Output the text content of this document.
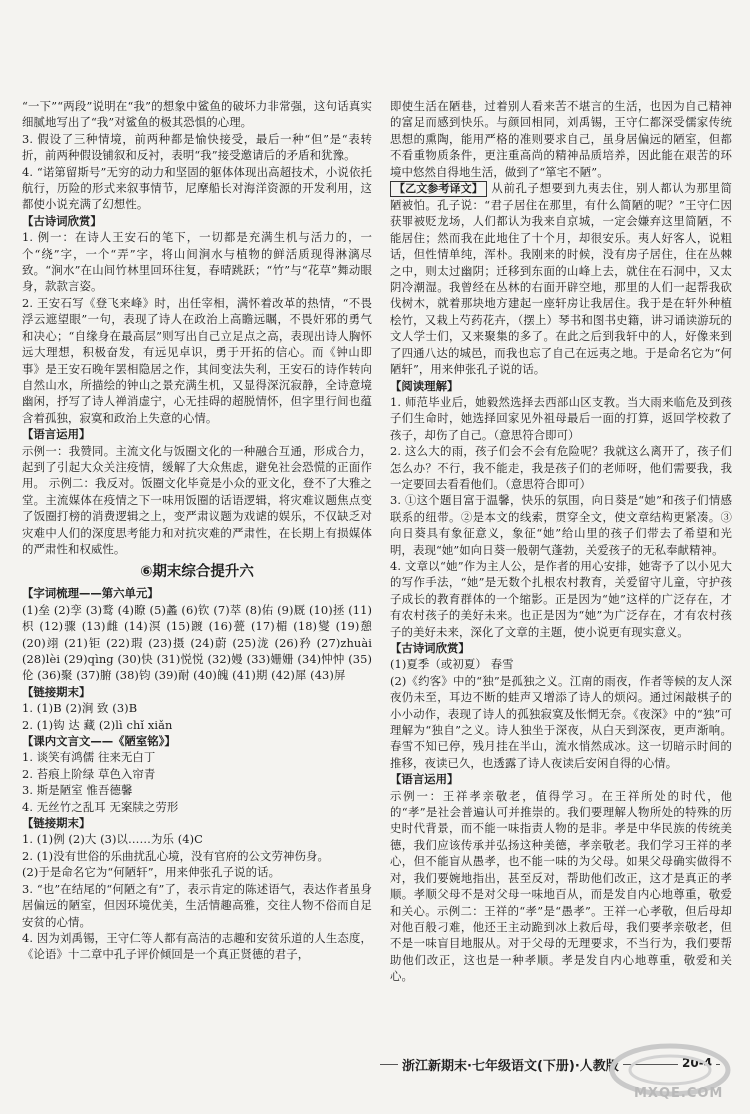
“一下”“两段”说明在“我”的想象中鲨鱼的破坏力非常强，这句话真实细腻地写出了“我”对鲨鱼的极其恐惧的心理。

3. 假设了三种情境，前两种都是愉快接受，最后一种“但”是“表转折，前两种假设铺叙和反衬，表明“我”接受邀请后的矛盾和犹豫。

4. “诺第留斯号”无穷的动力和坚固的躯体体现出高超技术，小说依托航行，历险的形式来叙事情节，尼摩船长对海洋资源的开发利用，这都使小说充满了幻想性。

【古诗词欣赏】

1. 例一：在诗人王安石的笔下，一切都是充满生机与活力的，一个“绕”字，一个“弄”字，将山间涧水与植物的鲜活质现得淋漓尽致。“涧水”在山间竹林里回环往复，春晴跳跃；“竹”与“花草”舞动眼身，款款言姿。

2. 王安石写《登飞来峰》时，出任宰相，满怀着改革的热情，“不畏浮云遮望眼”一句，表现了诗人在政治上高瞻远瞩，不畏奸邪的勇气和决心；“自缘身在最高层”则写出自己立足点之高，表现出诗人胸怀远大理想，积极奋发，有远见卓识，勇于开拓的信心。而《钟山即事》是王安石晚年罢相隐居之作，其间变法失利，王安石的诗作转向自然山水，所描绘的钟山之景充满生机，又显得深沉寂静，全诗意境幽闲，抒写了诗人禅消虚宁，心无挂碍的超脱情怀，但字里行间也蕴含着孤独，寂寞和政治上失意的心情。

【语言运用】

示例一：我赞同。主流文化与饭圈文化的一种融合互通，形成合力，起到了引起大众关注疫情，缓解了大众焦虑，避免社会恐慌的正面作用。 示例二：我反对。饭圈文化毕竟是小众的亚文化，登不了大雅之堂。主流媒体在疫情之下一味用饭圈的话语逻辑，将灾难议题焦点变了饭圈打榜的消费逻辑之上，变严肃议题为戏谑的娱乐，不仅缺乏对灾难中人们的深度思考能力和对抗灾难的严肃性，在长期上有损媒体的严肃性和权威性。

⑥期末综合提升六

【字词梳理——第六单元】

(1)垒 (2)孪 (3)鹜 (4)瞭 (5)蠡 (6)钦 (7)萃 (8)佑 (9)厩 (10)拯 (11)枳 (12)骤 (13)雌 (14)溟 (15)踱 (16)甍 (17)楣 (18)燮 (19)憩 (20)翊 (21)钜 (22)瑕 (23)摄 (24)蔚 (25)泷 (26)矜 (27)zhuài (28)lèi (29)qìng (30)快 (31)悦悦 (32)嫚 (33)姗姗 (34)忡忡 (35)伦 (36)聚 (37)腑 (38)钧 (39)耐 (40)魄 (41)期 (42)犀 (43)屏

【链接期末】

1. (1)B (2)涧 致 (3)B

2. (1)钩 达 藏 (2)lì chǐ xiǎn

【课内文言文——《陋室铭》】

1. 谈笑有鸿儒 往来无白丁

2. 苔痕上阶绿 草色入帘青

3. 斯是陋室 惟吾德馨

4. 无丝竹之乱耳 无案牍之劳形

【链接期末】

1. (1)例 (2)大 (3)以……为乐 (4)C

2. (1)没有世俗的乐曲扰乱心境，没有官府的公文劳神伤身。

(2)于是命名它为“何陋轩”，用来伸张孔子说的话。

3. “也”在结尾的“何陋之有”了，表示肯定的陈述语气，表达作者虽身居偏远的陋室，但因环境优美，生活情趣高雅，交往人物不俗而自足安贫的心情。

4. 因为刘禹锡，王守仁等人都有高洁的志趣和安贫乐道的人生态度，《论语》十二章中孔子评价倾回是一个真正贤德的君子，

即使生活在陋巷，过着别人看来苦不堪言的生活，也因为自己精神的富足而感到快乐。与颜回相同，刘禹锡，王守仁都深受儒家传统思想的熏陶，能用严格的准则要求自己，虽身居偏远的陋室，但都不看重物质条件，更注重高尚的精神品质培养，因此能在艰苦的环境中悠然自得地生活，做到了“箪宅不陋”。

【乙文参考译文】 从前孔子想要到九夷去住，别人都认为那里简陋被怕。孔子说：“君子居住在那里，有什么简陋的呢？”王守仁因获罪被贬龙场，人们都认为我来自京城，一定会嫌弃这里简陋，不能居住；然而我在此地住了十个月，却很安乐。夷人好客人，说粗话，但性情单纯，浑朴。我刚来的时候，没有房子居住，住在丛棘之中，则太过幽阴；迁移到东面的山峰上去，就住在石洞中，又太阴冷潮湿。我曾经在丛林的右面开辟空地，那里的人们一起帮我砍伐树木，就着那块地方建起一座轩房让我居住。我于是在轩外种植桧竹，又栽上芍药花卉，（摆上）琴书和图书史籍，讲习诵读游玩的文人学士们，又来聚集的多了。在此之后到我轩中的人，好像来到了四通八达的城邑，而我也忘了自己在远夷之地。于是命名它为“何陋轩”，用来伸张孔子说的话。

【阅读理解】

1. 师范毕业后，她毅然选择去西部山区支教。当大雨来临危及到孩子们生命时，她选择回家见外祖母最后一面的打算，返回学校救了孩子，却伤了自己。（意思符合即可）

2. 这么大的雨，孩子们会不会有危险呢？我就这么离开了，孩子们怎么办？不行，我不能走，我是孩子们的老师呀，他们需要我，我一定要回去看看他们。（意思符合即可）

3. ①这个题目富于温馨，快乐的氛围，向日葵是“她”和孩子们情感联系的纽带。②是本文的线索，贯穿全文，使文章结构更紧凑。③向日葵具有象征意义，象征“她”给山里的孩子们带去了希望和光明，表现“她”如向日葵一般朝气蓬勃，关爱孩子的无私奉献精神。

4. 文章以“她”作为主人公，是作者的用心安排，她寄予了以小见大的写作手法，“她”是无数个扎根农村教育，关爱留守儿童，守护孩子成长的教育群体的一个缩影。正是因为“她”这样的广泛存在，才有农村孩子的美好未来。也正是因为“她”为广泛存在，才有农村孩子的美好未来，深化了文章的主题，使小说更有现实意义。

【古诗词欣赏】

(1)夏季（或初夏） 春雪

(2)《约客》中的“独”是孤独之义。江南的雨夜，作者等候的友人深夜仍未至，耳边不断的蛙声又增添了诗人的烦闷。通过闲敲棋子的小小动作，表现了诗人的孤独寂寞及怅惘无奈。《夜深》中的“独”可理解为“独自”之义。诗人独坐于深夜，从白天到深夜，更声渐响。春雪不知已停，残月挂在半山，流水悄然成冰。这一切暗示时间的推移，夜读已久，也透露了诗人夜读后安闲自得的心情。

【语言运用】

示例一：王祥孝亲敬老，值得学习。在王祥所处的时代，他的“孝”是社会普遍认可并推崇的。我们要理解人物所处的特殊的历史时代背景，而不能一味指责人物的是非。孝是中华民族的传统美德，我们应该传承并弘扬这种美德，孝亲敬老。我们学习王祥的孝心，但不能盲从愚孝，也不能一味的为父母。如果父母确实做得不对，我们要婉地指出，甚至反对，帮助他们改正，这才是真正的孝顺。孝顺父母不是对父母一味地百从，而是发自内心地尊重，敬爱和关心。示例二：王祥的“孝”是“愚孝”。王祥一心孝敬，但后母却对他百般刁难，他还王主动跪到冰上救后母，我们要孝亲敬老，但不是一味盲目地服从。对于父母的无理要求，不当行为，我们要帮助他们改正，这也是一种孝顺。孝是发自内心地尊重，敬爱和关心。

浙江新期末·七年级语文(下册)·人教版	20-4
MXQE.COM
